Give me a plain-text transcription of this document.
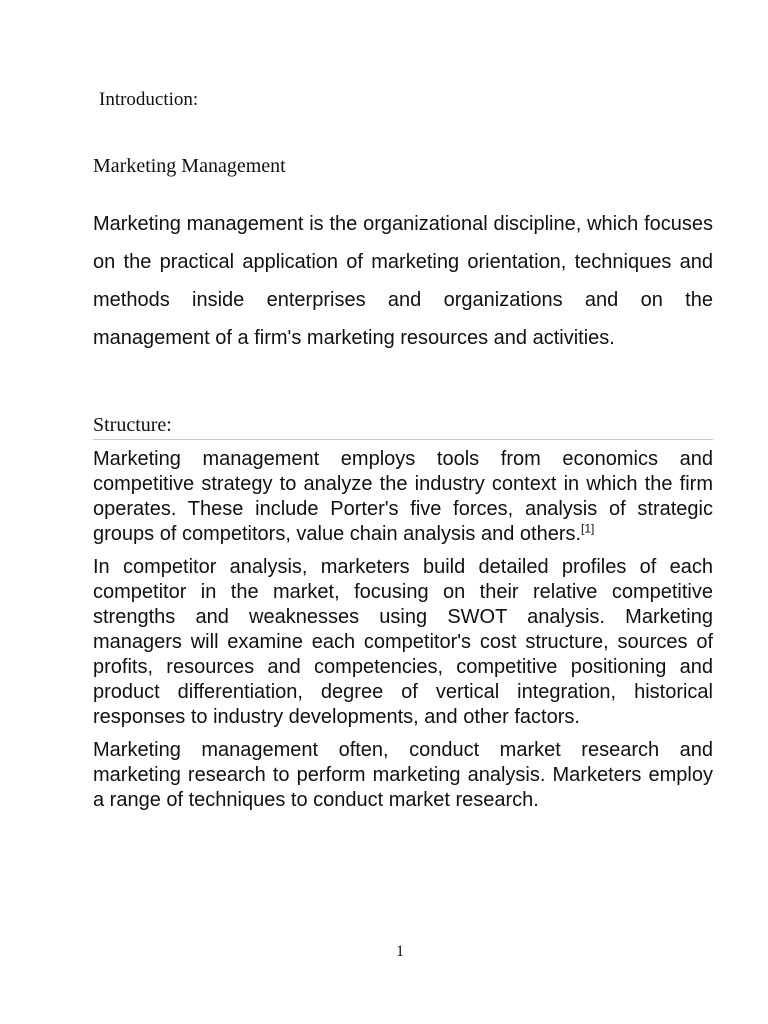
Introduction:
Marketing Management
Marketing management is the organizational discipline, which focuses on the practical application of marketing orientation, techniques and methods inside enterprises and organizations and on the management of a firm's marketing resources and activities.
Structure:

Marketing management employs tools from economics and competitive strategy to analyze the industry context in which the firm operates. These include Porter's five forces, analysis of strategic groups of competitors, value chain analysis and others.[1]

In competitor analysis, marketers build detailed profiles of each competitor in the market, focusing on their relative competitive strengths and weaknesses using SWOT analysis. Marketing managers will examine each competitor's cost structure, sources of profits, resources and competencies, competitive positioning and product differentiation, degree of vertical integration, historical responses to industry developments, and other factors.

Marketing management often, conduct market research and marketing research to perform marketing analysis. Marketers employ a range of techniques to conduct market research.

1
